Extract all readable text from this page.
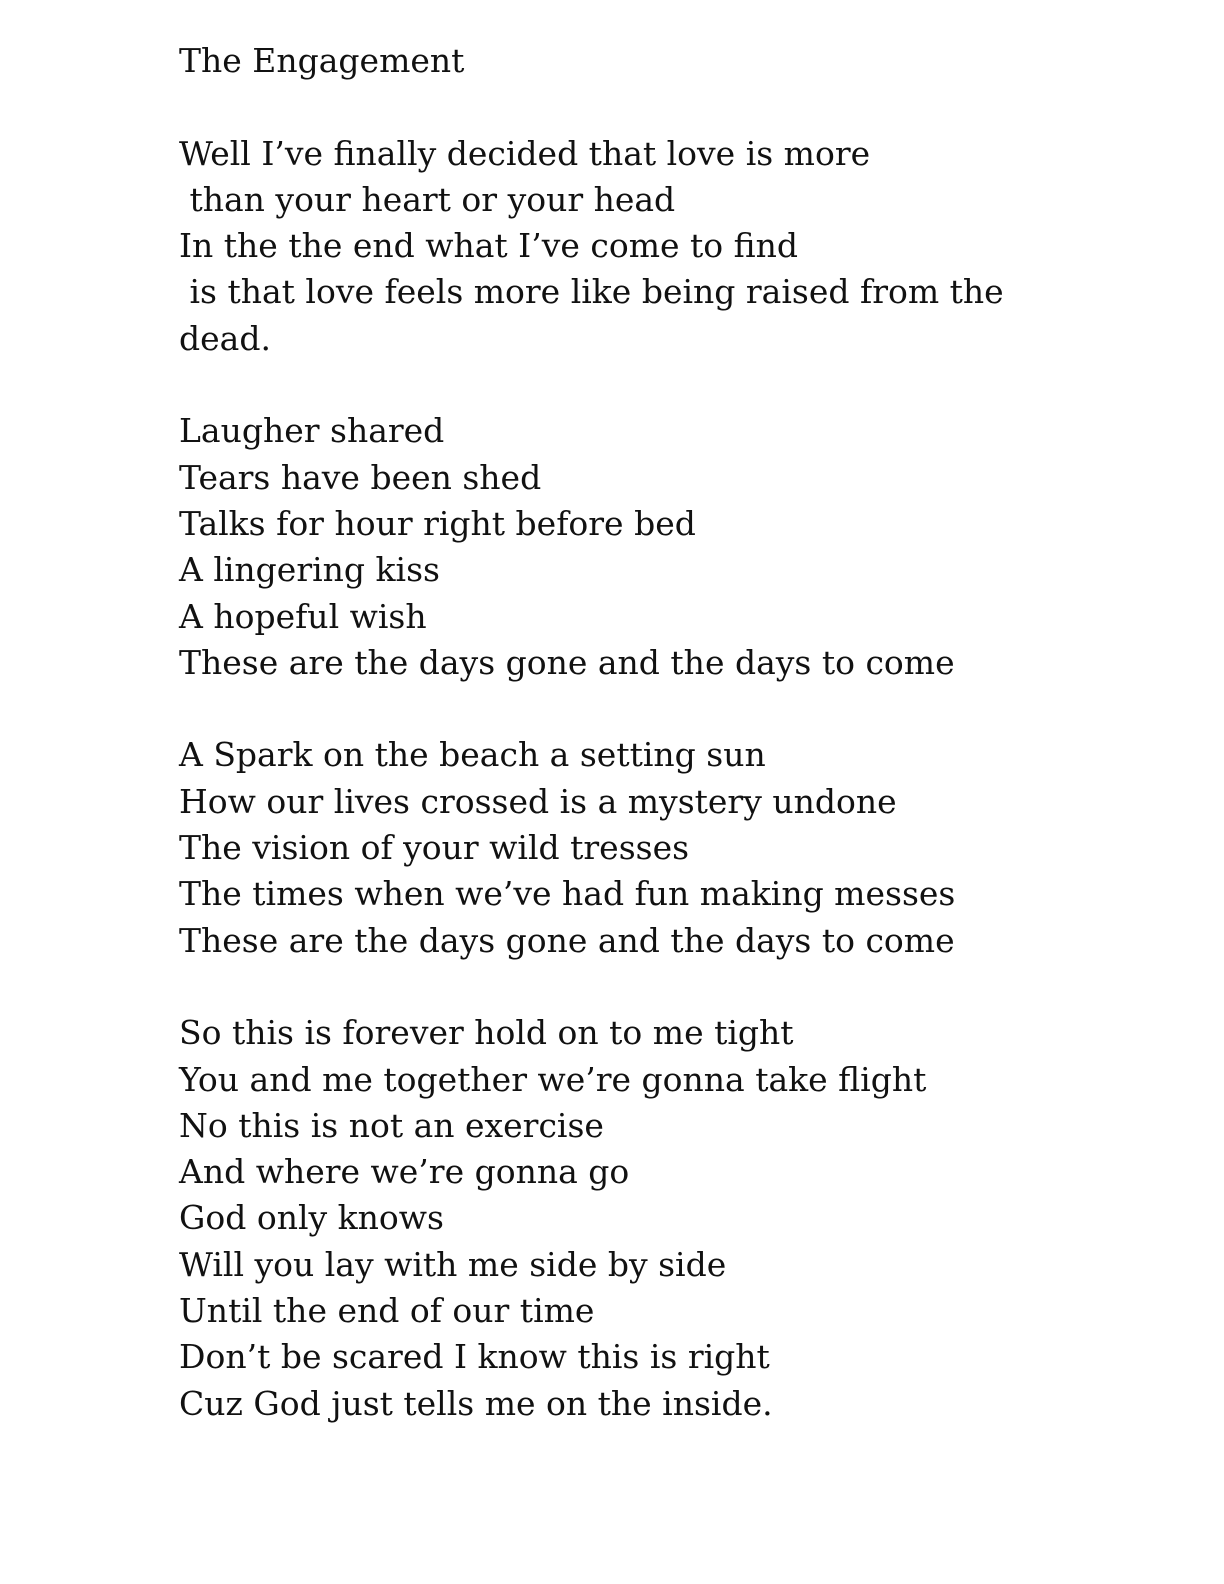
The Engagement
Well I’ve finally decided that love is more
than your heart or your head
In the the end what I’ve come to find
is that love feels more like being raised from the
dead.
Laugher shared
Tears have been shed
Talks for hour right before bed
A lingering kiss
A hopeful wish
These are the days gone and the days to come
A Spark on the beach a setting sun
How our lives crossed is a mystery undone
The vision of your wild tresses
The times when we’ve had fun making messes
These are the days gone and the days to come
So this is forever hold on to me tight
You and me together we’re gonna take flight
No this is not an exercise
And where we’re gonna go
God only knows
Will you lay with me side by side
Until the end of our time
Don’t be scared I know this is right
Cuz God just tells me on the inside.
